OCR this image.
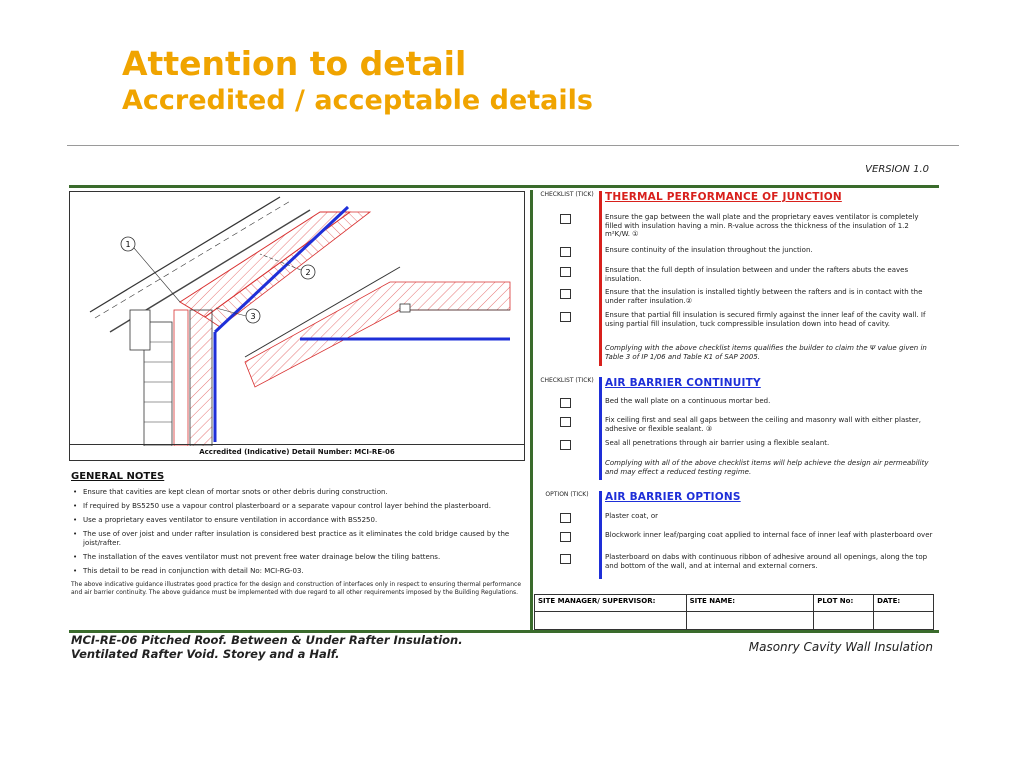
Attention to detail
Accredited / acceptable details
VERSION 1.0
1
2
3
Accredited (Indicative) Detail Number: MCI-RE-06
GENERAL NOTES
• Ensure that cavities are kept clean of mortar snots or other debris during construction.
• If required by BS5250 use a vapour control plasterboard or a separate vapour control layer behind the plasterboard.
• Use a proprietary eaves ventilator to ensure ventilation in accordance with BS5250.
• The use of over joist and under rafter insulation is considered best practice as it eliminates the cold bridge caused by the joist/rafter.
• The installation of the eaves ventilator must not prevent free water drainage below the tiling battens.
• This detail to be read in conjunction with detail No: MCI-RG-03.
The above indicative guidance illustrates good practice for the design and construction of interfaces only in respect to ensuring thermal performance and air barrier continuity. The above guidance must be implemented with due regard to all other requirements imposed by the Building Regulations.
CHECKLIST (TICK)	THERMAL PERFORMANCE OF JUNCTION
Ensure the gap between the wall plate and the proprietary eaves ventilator is completely filled with insulation having a min. R-value across the thickness of the insulation of 1.2 m²K/W. ①
Ensure continuity of the insulation throughout the junction.
Ensure that the full depth of insulation between and under the rafters abuts the eaves insulation.
Ensure that the insulation is installed tightly between the rafters and is in contact with the under rafter insulation.②
Ensure that partial fill insulation is secured firmly against the inner leaf of the cavity wall. If using partial fill insulation, tuck compressible insulation down into head of cavity.
Complying with the above checklist items qualifies the builder to claim the Ψ value given in Table 3 of IP 1/06 and Table K1 of SAP 2005.
CHECKLIST (TICK)	AIR BARRIER CONTINUITY
Bed the wall plate on a continuous mortar bed.
Fix ceiling first and seal all gaps between the ceiling and masonry wall with either plaster, adhesive or flexible sealant. ③
Seal all penetrations through air barrier using a flexible sealant.
Complying with all of the above checklist items will help achieve the design air permeability and may effect a reduced testing regime.
OPTION (TICK)	AIR BARRIER OPTIONS
Plaster coat, or
Blockwork inner leaf/parging coat applied to internal face of inner leaf with plasterboard over
Plasterboard on dabs with continuous ribbon of adhesive around all openings, along the top and bottom of the wall, and at internal and external corners.
SITE MANAGER/ SUPERVISOR:	SITE NAME:	PLOT No:	DATE:

MCI-RE-06 Pitched Roof. Between & Under Rafter Insulation.
Ventilated Rafter Void. Storey and a Half.	Masonry Cavity Wall Insulation
